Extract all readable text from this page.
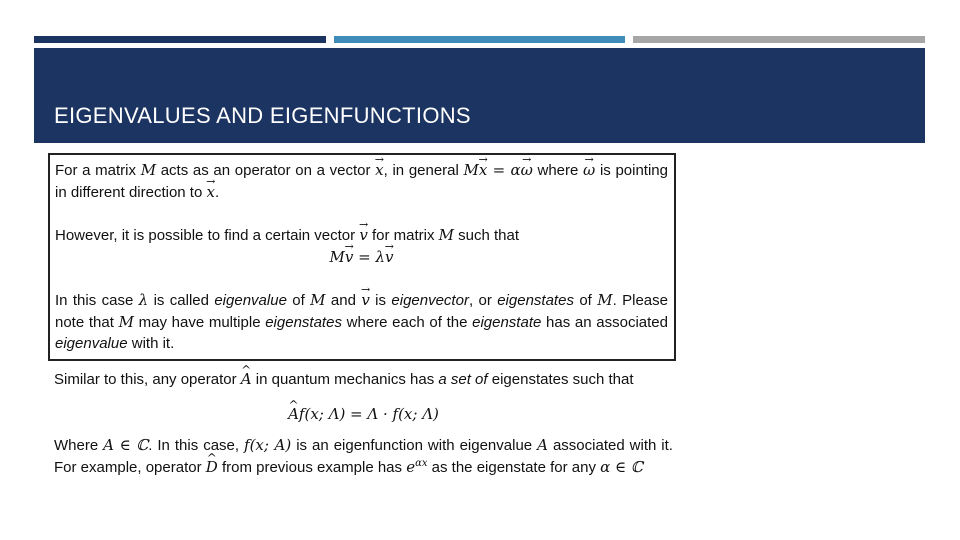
EIGENVALUES AND EIGENFUNCTIONS

For a matrix M acts as an operator on a vector x →, in general Mx → = αω → where ω → is pointing in different direction to x →.

However, it is possible to find a certain vector v → for matrix M such that

Mv → = λv →

In this case λ is called eigenvalue of M and v → is eigenvector, or eigenstates of M. Please note that M may have multiple eigenstates where each of the eigenstate has an associated eigenvalue with it.

Similar to this, any operator A ^ in quantum mechanics has a set of eigenstates such that

A ^f(x; Λ) = Λ · f(x; Λ)

Where A ∈ ℂ. In this case, f(x; A) is an eigenfunction with eigenvalue A associated with it. For example, operator D ^ from previous example has $e^{\alpha x}$ as the eigenstate for any α ∈ ℂ
